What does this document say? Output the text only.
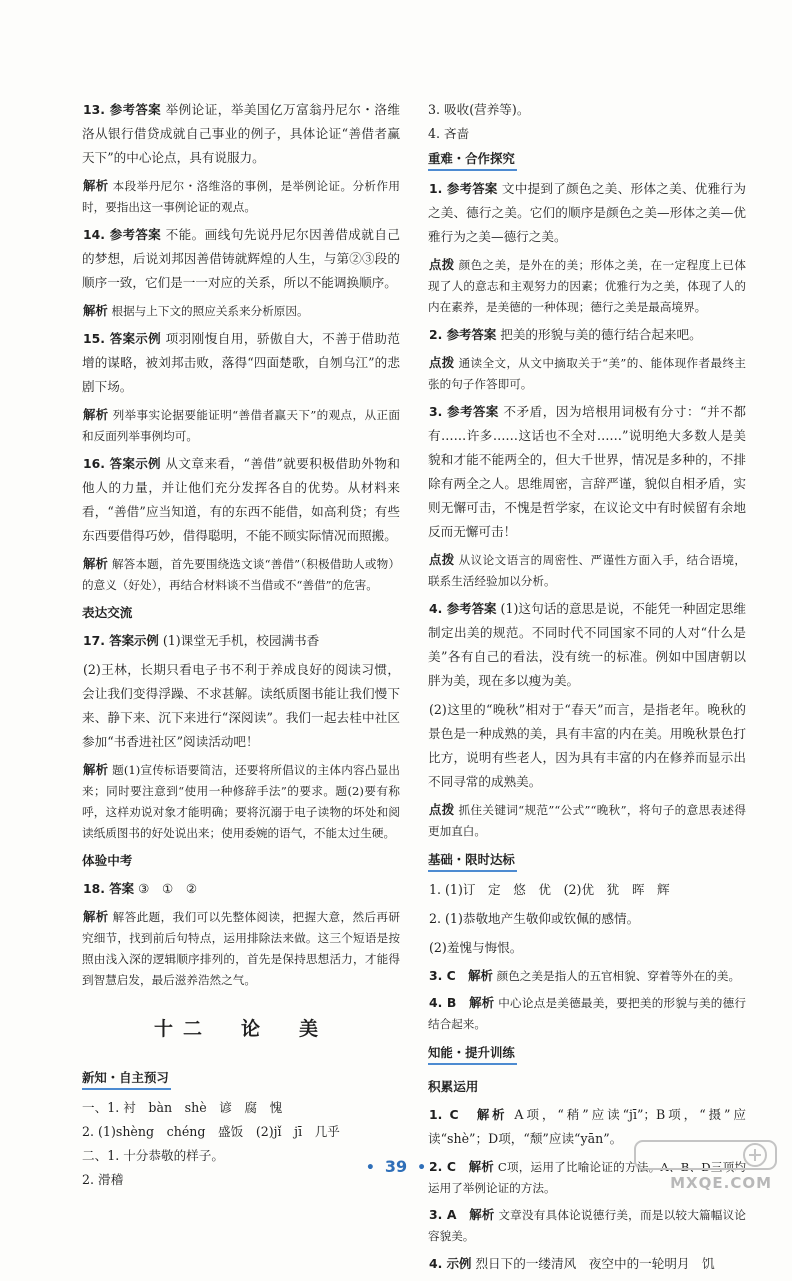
13. 参考答案 举例论证，举美国亿万富翁丹尼尔・洛维洛从银行借贷成就自己事业的例子，具体论证“善借者赢天下”的中心论点，具有说服力。

解析 本段举丹尼尔・洛维洛的事例，是举例论证。分析作用时，要指出这一事例论证的观点。

14. 参考答案 不能。画线句先说丹尼尔因善借成就自己的梦想，后说刘邦因善借铸就辉煌的人生，与第②③段的顺序一致，它们是一一对应的关系，所以不能调换顺序。

解析 根据与上下文的照应关系来分析原因。

15. 答案示例 项羽刚愎自用，骄傲自大，不善于借助范增的谋略，被刘邦击败，落得“四面楚歌，自刎乌江”的悲剧下场。

解析 列举事实论据要能证明“善借者赢天下”的观点，从正面和反面列举事例均可。

16. 答案示例 从文章来看，“善借”就要积极借助外物和他人的力量，并让他们充分发挥各自的优势。从材料来看，“善借”应当知道，有的东西不能借，如高利贷；有些东西要借得巧妙，借得聪明，不能不顾实际情况而照搬。

解析 解答本题，首先要围绕选文谈“善借”（积极借助人或物）的意义（好处），再结合材料谈不当借或不“善借”的危害。

表达交流

17. 答案示例 (1)课堂无手机，校园满书香

(2)王林，长期只看电子书不利于养成良好的阅读习惯，会让我们变得浮躁、不求甚解。读纸质图书能让我们慢下来、静下来、沉下来进行“深阅读”。我们一起去桂中社区参加“书香进社区”阅读活动吧！

解析 题(1)宣传标语要简洁，还要将所倡议的主体内容凸显出来；同时要注意到“使用一种修辞手法”的要求。题(2)要有称呼，这样劝说对象才能明确；要将沉溺于电子读物的坏处和阅读纸质图书的好处说出来；使用委婉的语气，不能太过生硬。

体验中考

18. 答案 ③　①　②

解析 解答此题，我们可以先整体阅读，把握大意，然后再研究细节，找到前后句特点，运用排除法来做。这三个短语是按照由浅入深的逻辑顺序排列的，首先是保持思想活力，才能得到智慧启发，最后滋养浩然之气。

十二　论　美
新知・自主预习

一、1. 衬　bàn　shè　谚　腐　愧

2. (1)shèng　chéng　盛饭　(2)jǐ　jī　几乎

二、1. 十分恭敬的样子。

2. 滑稽

3. 吸收(营养等)。

4. 吝啬

重难・合作探究

1. 参考答案 文中提到了颜色之美、形体之美、优雅行为之美、德行之美。它们的顺序是颜色之美—形体之美—优雅行为之美—德行之美。

点拨 颜色之美，是外在的美；形体之美，在一定程度上已体现了人的意志和主观努力的因素；优雅行为之美，体现了人的内在素养，是美德的一种体现；德行之美是最高境界。

2. 参考答案 把美的形貌与美的德行结合起来吧。

点拨 通读全文，从文中摘取关于“美”的、能体现作者最终主张的句子作答即可。

3. 参考答案 不矛盾，因为培根用词极有分寸：“并不都有……许多……这话也不全对……”说明绝大多数人是美貌和才能不能两全的，但大千世界，情况是多种的，不排除有两全之人。思维周密，言辞严谨，貌似自相矛盾，实则无懈可击，不愧是哲学家，在议论文中有时候留有余地反而无懈可击！

点拨 从议论文语言的周密性、严谨性方面入手，结合语境，联系生活经验加以分析。

4. 参考答案 (1)这句话的意思是说，不能凭一种固定思维制定出美的规范。不同时代不同国家不同的人对“什么是美”各有自己的看法，没有统一的标准。例如中国唐朝以胖为美，现在多以瘦为美。

(2)这里的“晚秋”相对于“春天”而言，是指老年。晚秋的景色是一种成熟的美，具有丰富的内在美。用晚秋景色打比方，说明有些老人，因为具有丰富的内在修养而显示出不同寻常的成熟美。

点拨 抓住关键词“规范”“公式”“晚秋”，将句子的意思表述得更加直白。

基础・限时达标

1. (1)订　定　悠　优　(2)优　犹　晖　辉

2. (1)恭敬地产生敬仰或钦佩的感情。

(2)羞愧与悔恨。

3. C　解析 颜色之美是指人的五官相貌、穿着等外在的美。

4. B　解析 中心论点是美德最美，要把美的形貌与美的德行结合起来。

知能・提升训练
积累运用

1. C　解析 A项，“稍”应读“jī”；B项，“摄”应读“shè”；D项，“颓”应读“yān”。

2. C　解析 C项，运用了比喻论证的方法。A、B、D三项均运用了举例论证的方法。

3. A　解析 文章没有具体论说德行美，而是以较大篇幅议论容貌美。

4. 示例 烈日下的一缕清风　夜空中的一轮明月　饥

• 39 •
MXQE.COM
